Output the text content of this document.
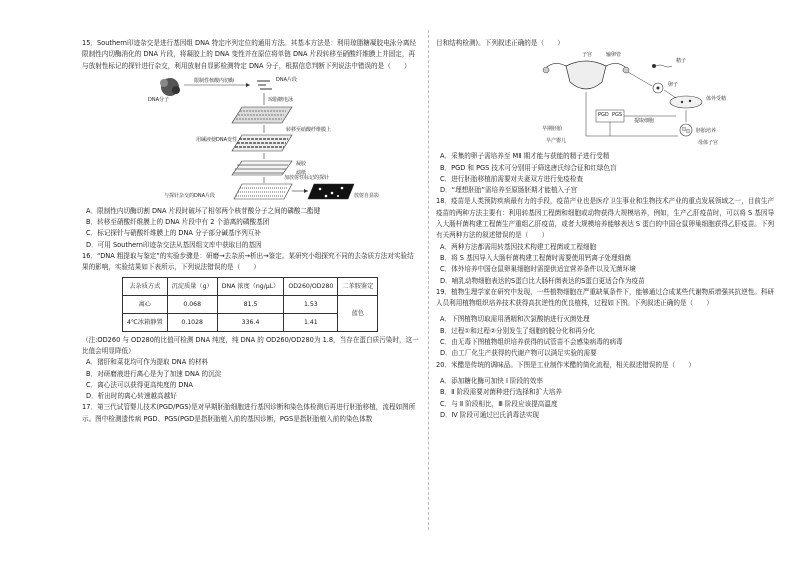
15．Southern印迹杂交是进行基因组 DNA 特定序列定位的通用方法。其基本方法是：利用琼脂糖凝胶电泳分离经限制性内切酶消化的 DNA 片段，将凝胶上的 DNA 变性并在原位将单链 DNA 片段转移至硝酸纤维膜上并固定，再与放射性标记的探针进行杂交，利用放射自显影检测特定 DNA 分子，根据信息判断下列说法中错误的是（　　）

DNA分子
限制性核酸内切酶	DNA片段
琼脂糖电泳
用碱液使DNA变性
转移至硝酸纤维膜上
凝胶
滤纸
加放射性标记的探针
与探针杂交的DNA片段	放射自显影

A．限制性内切酶切割 DNA 片段时破坏了相邻两个核苷酸分子之间的磷酸二酯键

B．转移至硝酸纤维膜上的 DNA 片段中有 2 个游离的磷酸基团

C．标记探针与硝酸纤维膜上的 DNA 分子部分碱基序列互补

D．可用 Southern印迹杂交法从基因组文库中获取目的基因

16．“DNA 粗提取与鉴定”的实验步骤是：研磨→去杂质→析出→鉴定。某研究小组探究不同的去杂质方法对实验结果的影响，实验结果如下表所示，下列说法错误的是（　　）

去杂质方式	沉淀质量（g）	DNA 浓度（ng/μL）	OD260/OD280	二苯胺鉴定
离心	0.068	81.5	1.53	蓝色
4℃冰箱静置	0.1028	336.4	1.41	

（注:OD260 与 OD280的比值可检测 DNA 纯度，纯 DNA 的 OD260/OD280为 1.8，当存在蛋白质污染时，这一比值会明显降低）

A．猪肝和菜花均可作为提取 DNA 的材料

B．对研磨液进行离心是为了加速 DNA 的沉淀

C．离心法可以获得更高纯度的 DNA

D．析出时的离心转速越高越好

17．第三代试管婴儿技术(PGD/PGS)是对早期胚胎细胞进行基因诊断和染色体检测后再进行胚胎移植，流程如图所示。图中检测遗传病 PGD、PGS(PGD是指胚胎植入前的基因诊断，PGS是指胚胎植入前的染色体数

目和结构检测)。下列叙述正确的是（　　）

子宫	输卵管
精子
卵子
体外受精
PGD PGS
早期胚胎
提取细胞
胚胎培养
早产婴儿	母体子宫

A．采集的卵子需培养至 MⅡ 期才能与获能的精子进行受精

B．PGD 和 PGS 技术可分别用于筛选唐氏综合征和红绿色盲

C．进行胚胎移植前需要对夫妻双方进行免疫检查

D．“理想胚胎”需培养至原肠胚期才能植入子宫

18．疫苗是人类预防疾病最有力的手段，疫苗产业也是医疗卫生事业和生物技术产业的重点发展领域之一，目前生产疫苗的两种方法主要有：利用转基因工程菌和细胞或动物获得大规模培养，例如，生产乙肝疫苗时，可以将 S 基因导入大肠杆菌构建工程菌生产重组乙肝疫苗，或者大规模培养能够表达 S 蛋白的中国仓鼠卵巢细胞获得乙肝疫苗。下列有关两种方法的叙述错误的是（　　）

A．两种方法都需用转基因技术构建工程菌或工程细胞

B．将 S 基因导入大肠杆菌构建工程菌时需要使用钙离子处理细菌

C．体外培养中国仓鼠卵巢细胞时需提供适宜营养条件以及无菌环境

D．哺乳动物细胞表达的S蛋白比大肠杆菌表达的S蛋白更适合作为疫苗

19．植物生理学家在研究中发现，一些植物细胞在严重缺氧条件下，能够通过合成某些代谢物质增强其抗逆性。科研人员利用植物组织培养技术获得高抗逆性的优良植株，过程如下图。下列叙述正确的是（　　）

A．下图植物切取需用酒精和次氯酸钠进行灭菌处理

B．过程①和过程②分别发生了细胞的脱分化和再分化

C．由无毒下图植物组织培养获得的试管苗不会感染病毒的病毒

D．由工厂化生产获得的代谢产物可以满足实验的需要

20．米醋是传统的调味品。下图是工业制作米醋的简化流程，相关叙述错误的是（　　）

A．添加糖化酶可加快 I 阶段的效率

B．Ⅱ 阶段需要对菌种进行选择和扩大培养

C．与 Ⅱ 阶段相比，Ⅲ 阶段应该提高温度

D．Ⅳ 阶段可通过巴氏消毒法实现
